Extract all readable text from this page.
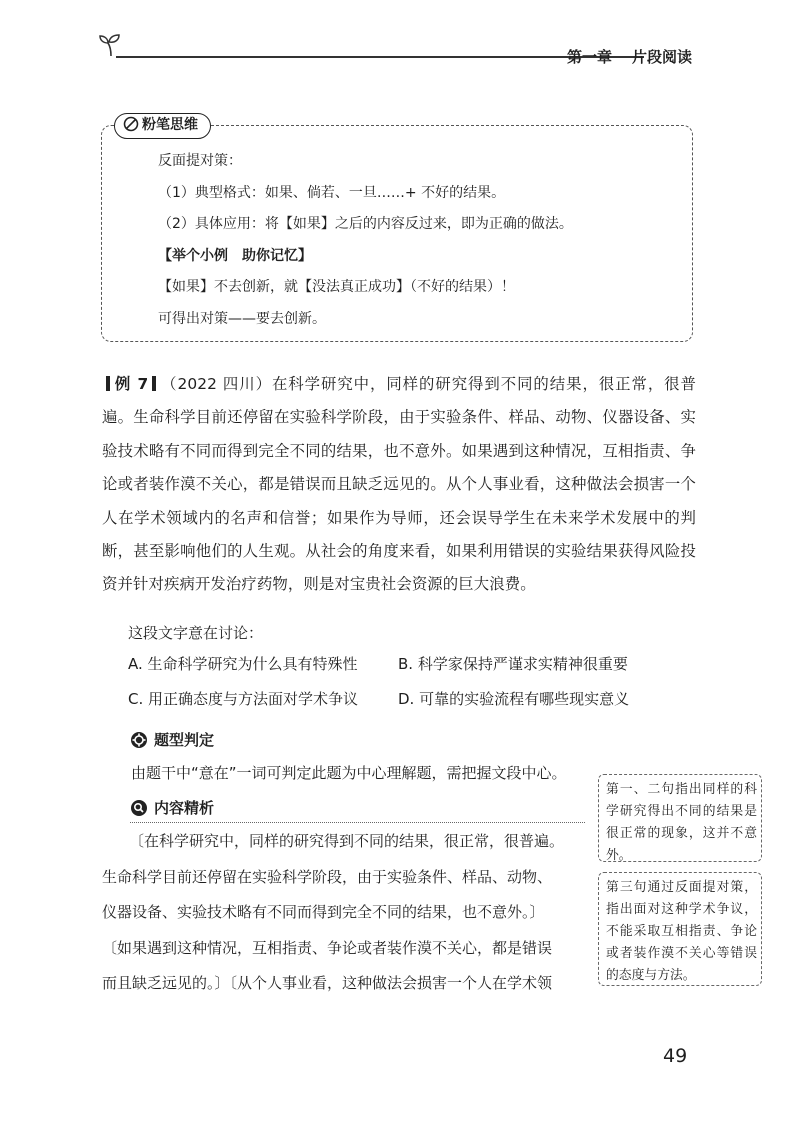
第一章 片段阅读
粉笔思维
反面提对策：
（1）典型格式：如果、倘若、一旦……+ 不好的结果。
（2）具体应用：将【如果】之后的内容反过来，即为正确的做法。
【举个小例　助你记忆】
【如果】不去创新，就【没法真正成功】（不好的结果）！
可得出对策——要去创新。

例 7 （2022 四川）在科学研究中，同样的研究得到不同的结果，很正常，很普遍。生命科学目前还停留在实验科学阶段，由于实验条件、样品、动物、仪器设备、实验技术略有不同而得到完全不同的结果，也不意外。如果遇到这种情况，互相指责、争论或者装作漠不关心，都是错误而且缺乏远见的。从个人事业看，这种做法会损害一个人在学术领域内的名声和信誉；如果作为导师，还会误导学生在未来学术发展中的判断，甚至影响他们的人生观。从社会的角度来看，如果利用错误的实验结果获得风险投资并针对疾病开发治疗药物，则是对宝贵社会资源的巨大浪费。

这段文字意在讨论：
A. 生命科学研究为什么具有特殊性	B. 科学家保持严谨求实精神很重要
C. 用正确态度与方法面对学术争议	D. 可靠的实验流程有哪些现实意义
题型判定
由题干中“意在”一词可判定此题为中心理解题，需把握文段中心。
内容精析

〔在科学研究中，同样的研究得到不同的结果，很正常，很普遍。

生命科学目前还停留在实验科学阶段，由于实验条件、样品、动物、

仪器设备、实验技术略有不同而得到完全不同的结果，也不意外。〕

〔如果遇到这种情况，互相指责、争论或者装作漠不关心，都是错误

而且缺乏远见的。〕〔从个人事业看，这种做法会损害一个人在学术领

第一、二句指出同样的科学研究得出不同的结果是很正常的现象，这并不意外。
第三句通过反面提对策，指出面对这种学术争议，不能采取互相指责、争论或者装作漠不关心等错误的态度与方法。
49
